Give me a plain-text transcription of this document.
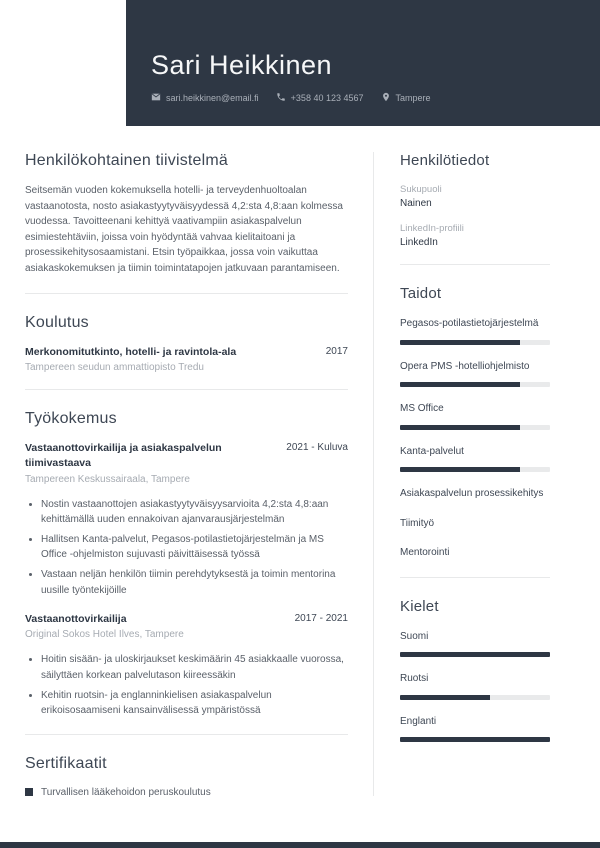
Sari Heikkinen
sari.heikkinen@email.fi	+358 40 123 4567	Tampere
Henkilökohtainen tiivistelmä

Seitsemän vuoden kokemuksella hotelli- ja terveydenhuoltoalan vastaanotosta, nosto asiakastyytyväisyydessä 4,2:sta 4,8:aan kolmessa vuodessa. Tavoitteenani kehittyä vaativampiin asiakaspalvelun esimiestehtäviin, joissa voin hyödyntää vahvaa kielitaitoani ja prosessikehitysosaamistani. Etsin työpaikkaa, jossa voin vaikuttaa asiakaskokemuksen ja tiimin toimintatapojen jatkuvaan parantamiseen.

Koulutus
Merkonomitutkinto, hotelli- ja ravintola-ala	2017
Tampereen seudun ammattiopisto Tredu
Työkokemus
Vastaanottovirkailija ja asiakaspalvelun tiimivastaava
2021 - Kuluva
Tampereen Keskussairaala, Tampere
• Nostin vastaanottojen asiakastyytyväisyysarvioita 4,2:sta 4,8:aan kehittämällä uuden ennakoivan ajanvarausjärjestelmän
• Hallitsen Kanta-palvelut, Pegasos-potilastietojärjestelmän ja MS Office -ohjelmiston sujuvasti päivittäisessä työssä
• Vastaan neljän henkilön tiimin perehdytyksestä ja toimin mentorina uusille työntekijöille
Vastaanottovirkailija	2017 - 2021
Original Sokos Hotel Ilves, Tampere
• Hoitin sisään- ja uloskirjaukset keskimäärin 45 asiakkaalle vuorossa, säilyttäen korkean palvelutason kiireessäkin
• Kehitin ruotsin- ja englanninkielisen asiakaspalvelun erikoisosaamiseni kansainvälisessä ympäristössä
Sertifikaatit
Turvallisen lääkehoidon peruskoulutus
Henkilötiedot
Sukupuoli
Nainen
LinkedIn-profiili
LinkedIn
Taidot
Pegasos-potilastietojärjestelmä
Opera PMS -hotelliohjelmisto
MS Office
Kanta-palvelut
Asiakaspalvelun prosessikehitys
Tiimityö
Mentorointi
Kielet
Suomi
Ruotsi
Englanti
